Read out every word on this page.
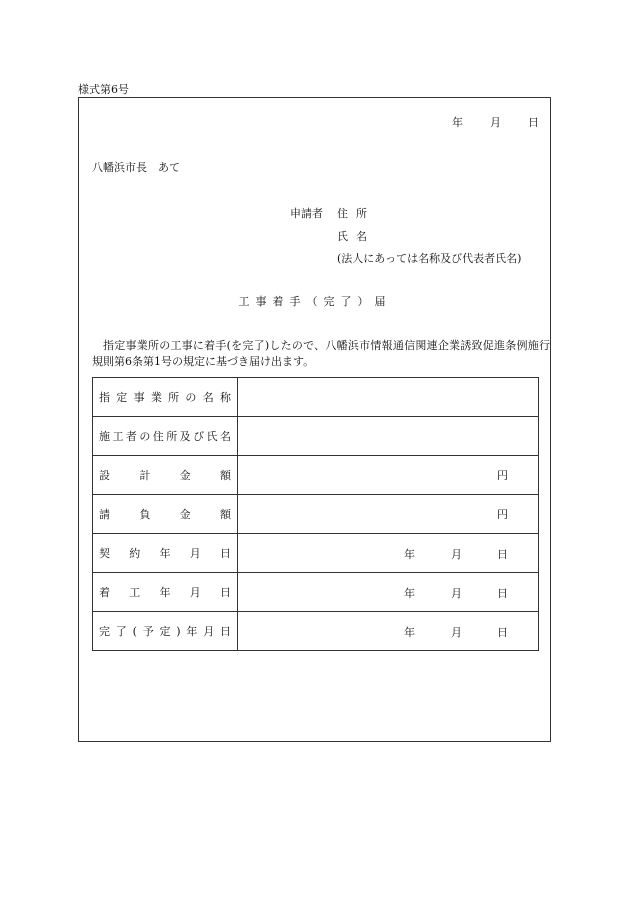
様式第6号
年 月 日
八幡浜市長　あて
申請者 住所
氏名
(法人にあっては名称及び代表者氏名)
工事着手（完了）届
指定事業所の工事に着手(を完了)したので、八幡浜市情報通信関連企業誘致促進条例施行規則第6条第1号の規定に基づき届け出ます。
指定事業所の名称	
施工者の住所及び氏名	
設計金額	円

請負金額	円

契約年月日	年 月 日

着工年月日	年 月 日

完了(予定)年月日	年 月 日
